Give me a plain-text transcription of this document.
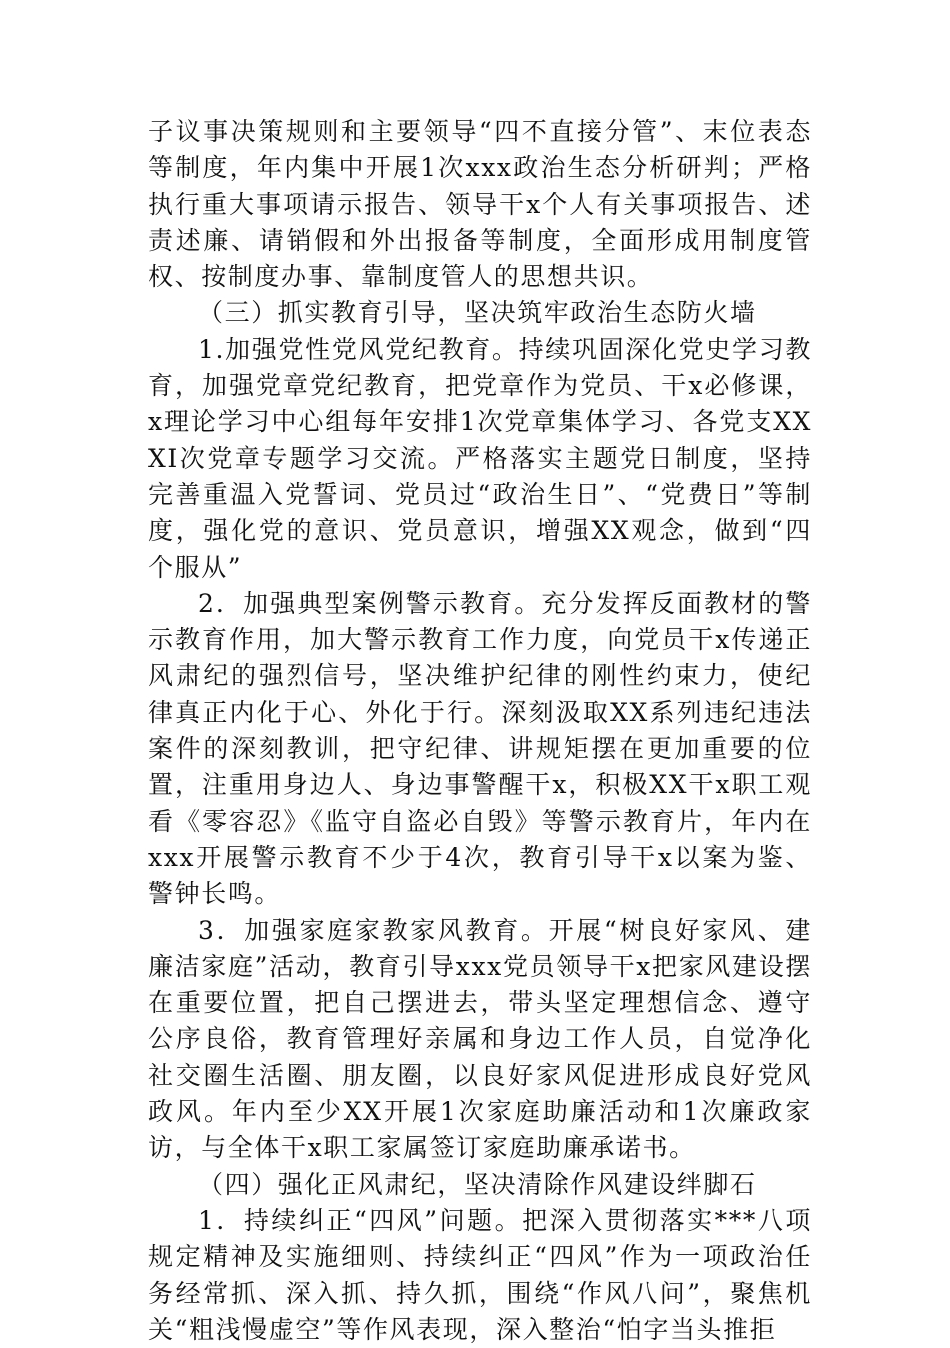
子议事决策规则和主要领导“四不直接分管”、末位表态等制度，年内集中开展1次xxx政治生态分析研判；严格执行重大事项请示报告、领导干x个人有关事项报告、述责述廉、请销假和外出报备等制度，全面形成用制度管权、按制度办事、靠制度管人的思想共识。

（三）抓实教育引导，坚决筑牢政治生态防火墙

1.加强党性党风党纪教育。持续巩固深化党史学习教育，加强党章党纪教育，把党章作为党员、干x必修课，x理论学习中心组每年安排1次党章集体学习、各党支XXXI次党章专题学习交流。严格落实主题党日制度，坚持完善重温入党誓词、党员过“政治生日”、“党费日”等制度，强化党的意识、党员意识，增强XX观念，做到“四个服从”

2．加强典型案例警示教育。充分发挥反面教材的警示教育作用，加大警示教育工作力度，向党员干x传递正风肃纪的强烈信号，坚决维护纪律的刚性约束力，使纪律真正内化于心、外化于行。深刻汲取XX系列违纪违法案件的深刻教训，把守纪律、讲规矩摆在更加重要的位置，注重用身边人、身边事警醒干x，积极XX干x职工观看《零容忍》《监守自盗必自毁》等警示教育片，年内在xxx开展警示教育不少于4次，教育引导干x以案为鉴、警钟长鸣。

3．加强家庭家教家风教育。开展“树良好家风、建廉洁家庭”活动，教育引导xxx党员领导干x把家风建设摆在重要位置，把自己摆进去，带头坚定理想信念、遵守公序良俗，教育管理好亲属和身边工作人员，自觉净化社交圈生活圈、朋友圈，以良好家风促进形成良好党风政风。年内至少XX开展1次家庭助廉活动和1次廉政家访，与全体干x职工家属签订家庭助廉承诺书。

（四）强化正风肃纪，坚决清除作风建设绊脚石

1．持续纠正“四风”问题。把深入贯彻落实***八项规定精神及实施细则、持续纠正“四风”作为一项政治任务经常抓、深入抓、持久抓，围绕“作风八问”，聚焦机关“粗浅慢虚空”等作风表现，深入整治“怕字当头推拒
